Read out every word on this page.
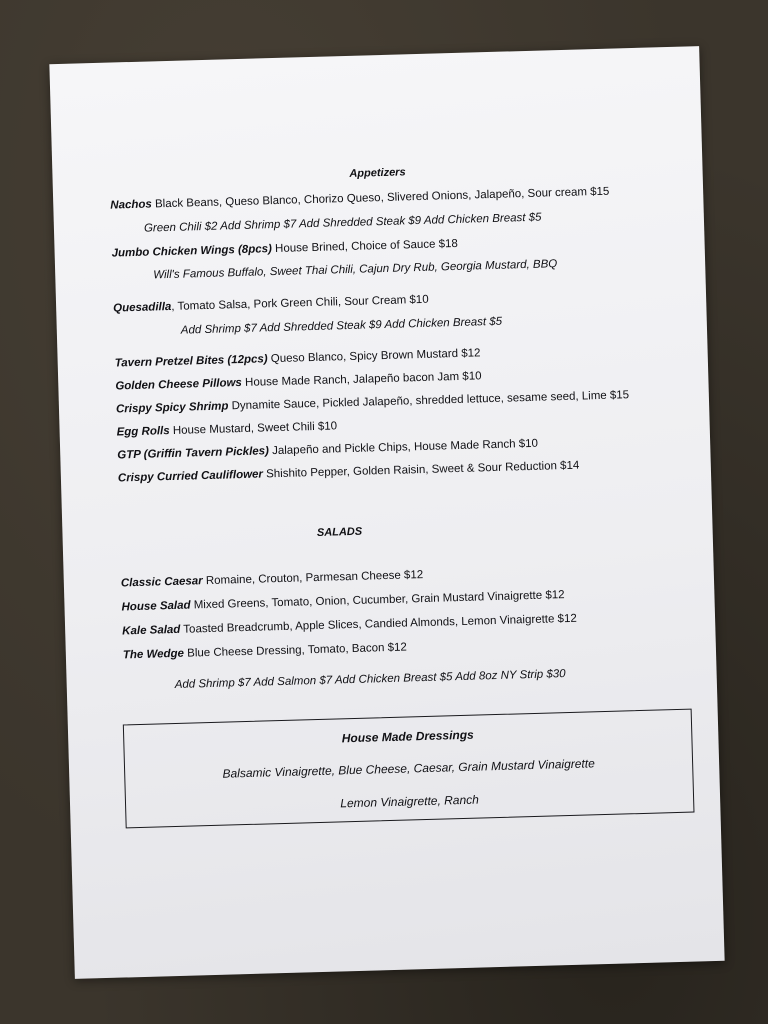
Appetizers
Nachos Black Beans, Queso Blanco, Chorizo Queso, Slivered Onions, Jalapeño, Sour cream $15
Green Chili $2 Add Shrimp $7 Add Shredded Steak $9 Add Chicken Breast $5
Jumbo Chicken Wings (8pcs) House Brined, Choice of Sauce $18
Will's Famous Buffalo, Sweet Thai Chili, Cajun Dry Rub, Georgia Mustard, BBQ
Quesadilla, Tomato Salsa, Pork Green Chili, Sour Cream $10
Add Shrimp $7 Add Shredded Steak $9 Add Chicken Breast $5
Tavern Pretzel Bites (12pcs) Queso Blanco, Spicy Brown Mustard $12
Golden Cheese Pillows House Made Ranch, Jalapeño bacon Jam $10
Crispy Spicy Shrimp Dynamite Sauce, Pickled Jalapeño, shredded lettuce, sesame seed, Lime $15
Egg Rolls House Mustard, Sweet Chili $10
GTP (Griffin Tavern Pickles) Jalapeño and Pickle Chips, House Made Ranch $10
Crispy Curried Cauliflower Shishito Pepper, Golden Raisin, Sweet & Sour Reduction $14
SALADS
Classic Caesar Romaine, Crouton, Parmesan Cheese $12
House Salad Mixed Greens, Tomato, Onion, Cucumber, Grain Mustard Vinaigrette $12
Kale Salad Toasted Breadcrumb, Apple Slices, Candied Almonds, Lemon Vinaigrette $12
The Wedge Blue Cheese Dressing, Tomato, Bacon $12
Add Shrimp $7 Add Salmon $7 Add Chicken Breast $5 Add 8oz NY Strip $30
House Made Dressings
Balsamic Vinaigrette, Blue Cheese, Caesar, Grain Mustard Vinaigrette
Lemon Vinaigrette, Ranch
